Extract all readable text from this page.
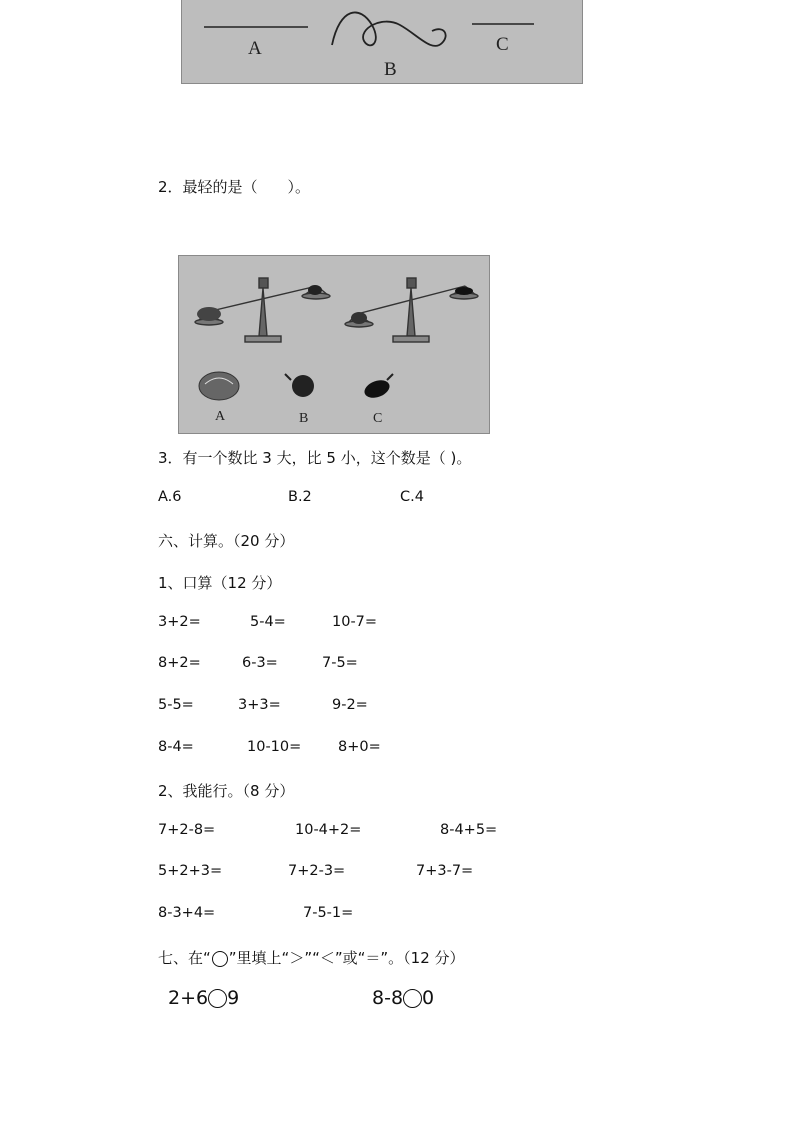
A
B
C
2．最轻的是（　　）。
A	B	C
3．有一个数比 3 大，比 5 小，这个数是（ )。
A.6	B.2	C.4
六、计算。（20 分）
1、口算（12 分）
3+2=	5-4=	10-7=
8+2=	6-3=	7-5=
5-5=	3+3=	9-2=
8-4=	10-10=	8+0=
2、我能行。（8 分）
7+2-8=	10-4+2=	8-4+5=
5+2+3=	7+2-3=	7+3-7=
8-3+4=	7-5-1=
七、在“ ”里填上“＞”“＜”或“＝”。（12 分）
2+6 9	8-8 0
